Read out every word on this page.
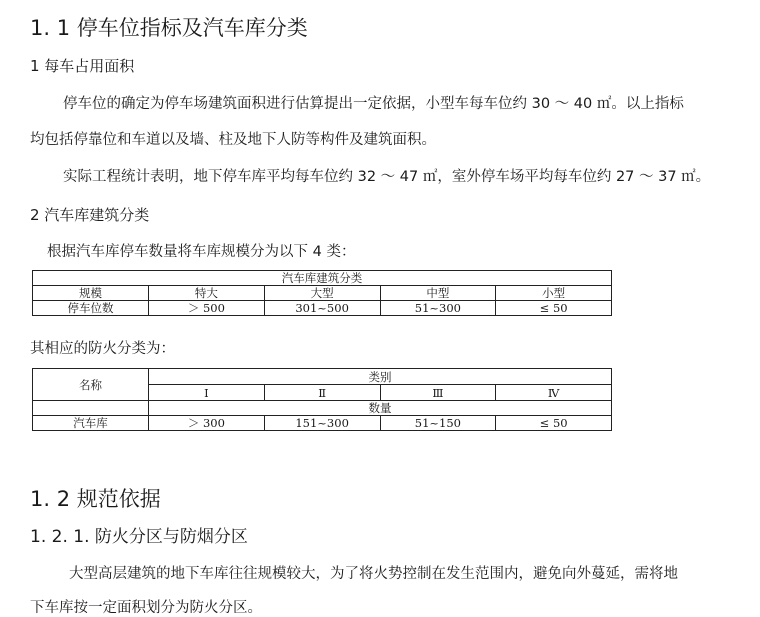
1. 1 停车位指标及汽车库分类
1 每车占用面积
停车位的确定为停车场建筑面积进行估算提出一定依据，小型车每车位约 30 ～ 40 ㎡。以上指标
均包括停靠位和车道以及墙、柱及地下人防等构件及建筑面积。
实际工程统计表明，地下停车库平均每车位约 32 ～ 47 ㎡，室外停车场平均每车位约 27 ～ 37 ㎡。
2 汽车库建筑分类
根据汽车库停车数量将车库规模分为以下 4 类：
汽车库建筑分类				
规模	特大	大型	中型	小型
停车位数	＞ 500	301~500	51~300	≤ 50
其相应的防火分类为：
名称	类别			
	Ⅰ	Ⅱ	Ⅲ	Ⅳ
	数量			
汽车库	＞ 300	151~300	51~150	≤ 50
1. 2 规范依据
1. 2. 1. 防火分区与防烟分区
大型高层建筑的地下车库往往规模较大，为了将火势控制在发生范围内，避免向外蔓延，需将地
下车库按一定面积划分为防火分区。
